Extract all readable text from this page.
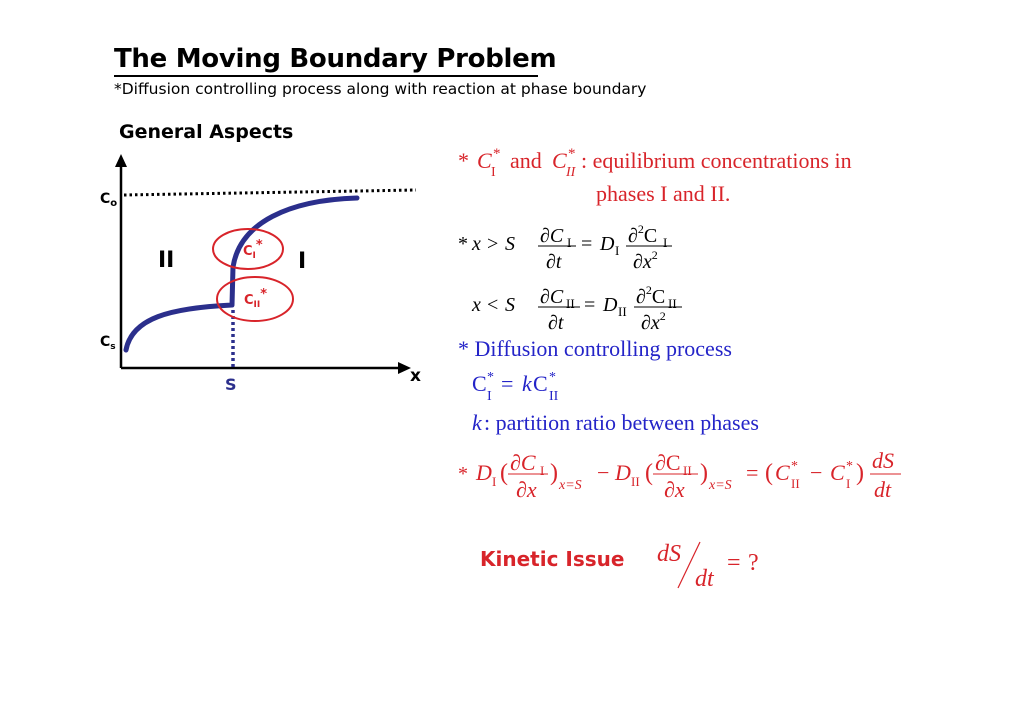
The Moving Boundary Problem
*Diffusion controlling process along with reaction at phase boundary
General Aspects
$C_I*$
$C_{II}*$
II	I
$C_o$
$C_s$
S	x
* C *
I and C *
II : equilibrium concentrations in
phases I and II.
* x > S ∂C I
∂t
= D I
∂$^2$C I
$\partial x^2$
x < S ∂C II
∂t
= D II
∂$^2$C II
$\partial x^2$
* Diffusion controlling process
C *
I
= k C *
II
k : partition ratio between phases
* D I ( ∂C I
∂x
) x=S
− D II ( ∂C II
∂x
) x=S
= ( C *
II − C *
I ) dS
dt
dS
dt
= ?
Kinetic Issue
